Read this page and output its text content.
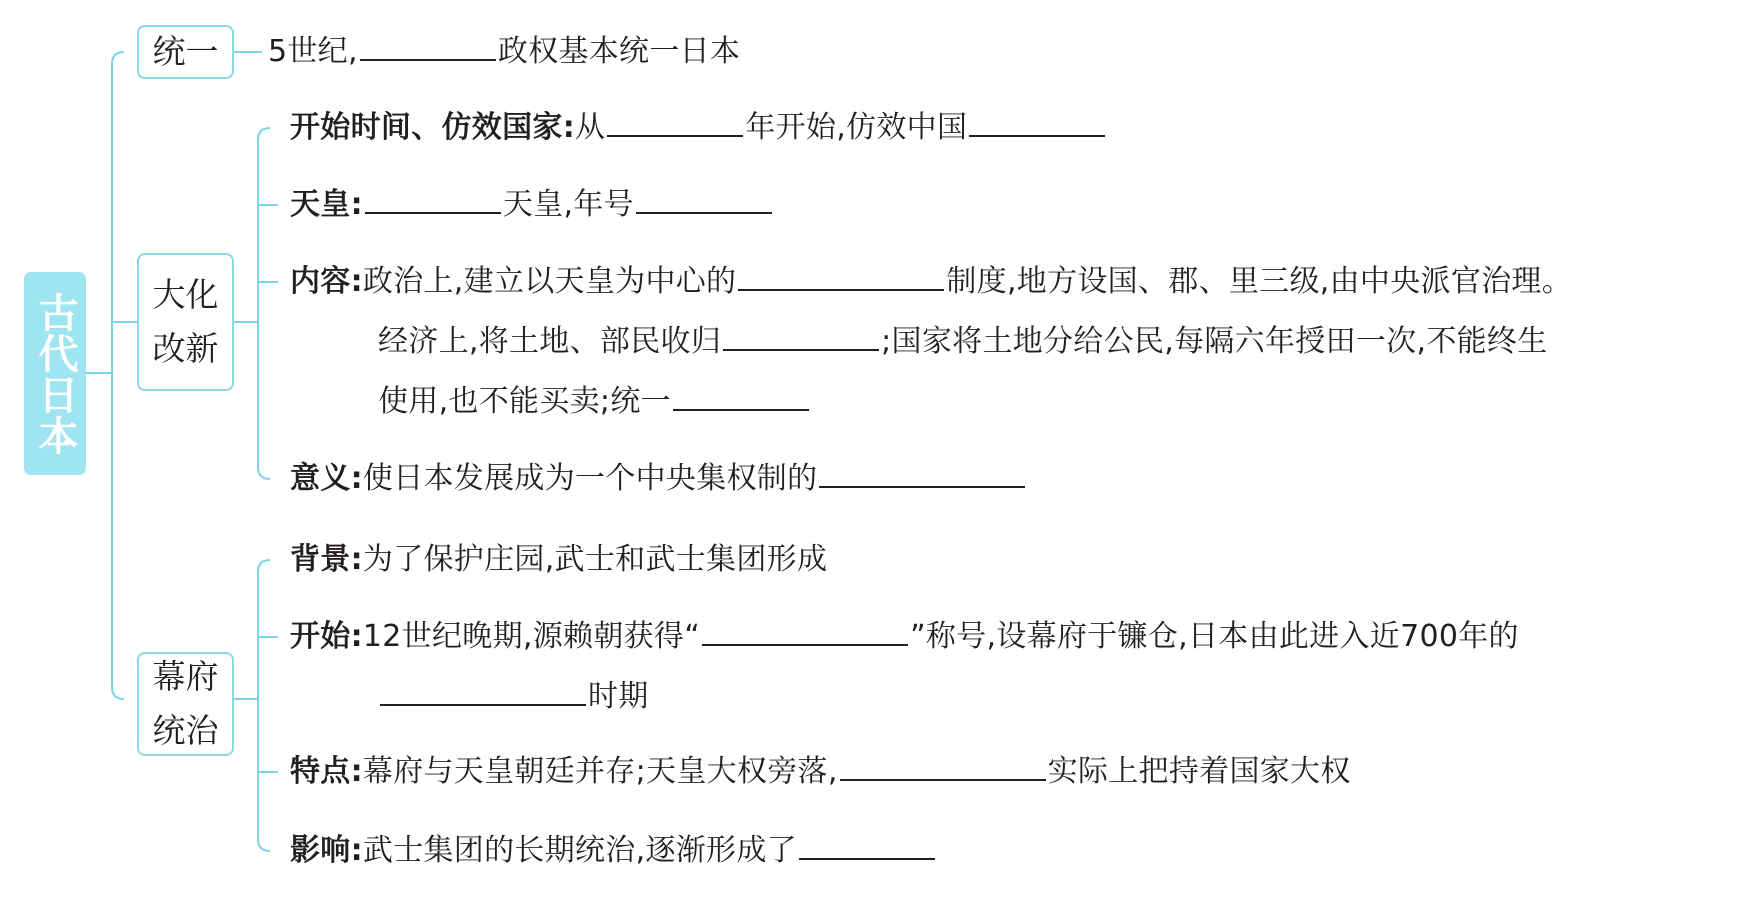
古代日本
统一
大化
改新
幕府
统治
5世纪,	政权基本统一日本
开始时间、仿效国家:从	年开始,仿效中国
天皇:	天皇,年号
内容:政治上,建立以天皇为中心的	制度,地方设国、郡、里三级,由中央派官治理。
经济上,将土地、部民收归	;国家将土地分给公民,每隔六年授田一次,不能终生
使用,也不能买卖;统一
意义:使日本发展成为一个中央集权制的
背景:为了保护庄园,武士和武士集团形成
开始:12世纪晚期,源赖朝获得“	”称号,设幕府于镰仓,日本由此进入近700年的
时期
特点:幕府与天皇朝廷并存;天皇大权旁落,	实际上把持着国家大权
影响:武士集团的长期统治,逐渐形成了
